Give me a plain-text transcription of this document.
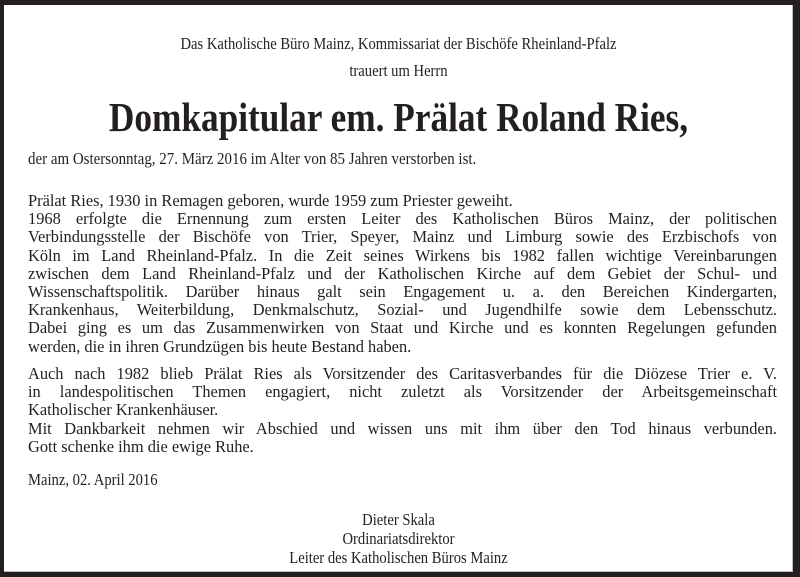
Das Katholische Büro Mainz, Kommissariat der Bischöfe Rheinland-Pfalz
trauert um Herrn
Domkapitular em. Prälat Roland Ries,
der am Ostersonntag, 27. März 2016 im Alter von 85 Jahren verstorben ist.
Prälat Ries, 1930 in Remagen geboren, wurde 1959 zum Priester geweiht.
1968 erfolgte die Ernennung zum ersten Leiter des Katholischen Büros Mainz, der politischen
Verbindungsstelle der Bischöfe von Trier, Speyer, Mainz und Limburg sowie des Erzbischofs von
Köln im Land Rheinland-Pfalz. In die Zeit seines Wirkens bis 1982 fallen wichtige Vereinbarungen
zwischen dem Land Rheinland-Pfalz und der Katholischen Kirche auf dem Gebiet der Schul- und
Wissenschaftspolitik. Darüber hinaus galt sein Engagement u. a. den Bereichen Kindergarten,
Krankenhaus, Weiterbildung, Denkmalschutz, Sozial- und Jugendhilfe sowie dem Lebensschutz.
Dabei ging es um das Zusammenwirken von Staat und Kirche und es konnten Regelungen gefunden
werden, die in ihren Grundzügen bis heute Bestand haben.
Auch nach 1982 blieb Prälat Ries als Vorsitzender des Caritasverbandes für die Diözese Trier e. V.
in landespolitischen Themen engagiert, nicht zuletzt als Vorsitzender der Arbeitsgemeinschaft
Katholischer Krankenhäuser.
Mit Dankbarkeit nehmen wir Abschied und wissen uns mit ihm über den Tod hinaus verbunden.
Gott schenke ihm die ewige Ruhe.
Mainz, 02. April 2016
Dieter Skala
Ordinariatsdirektor
Leiter des Katholischen Büros Mainz
